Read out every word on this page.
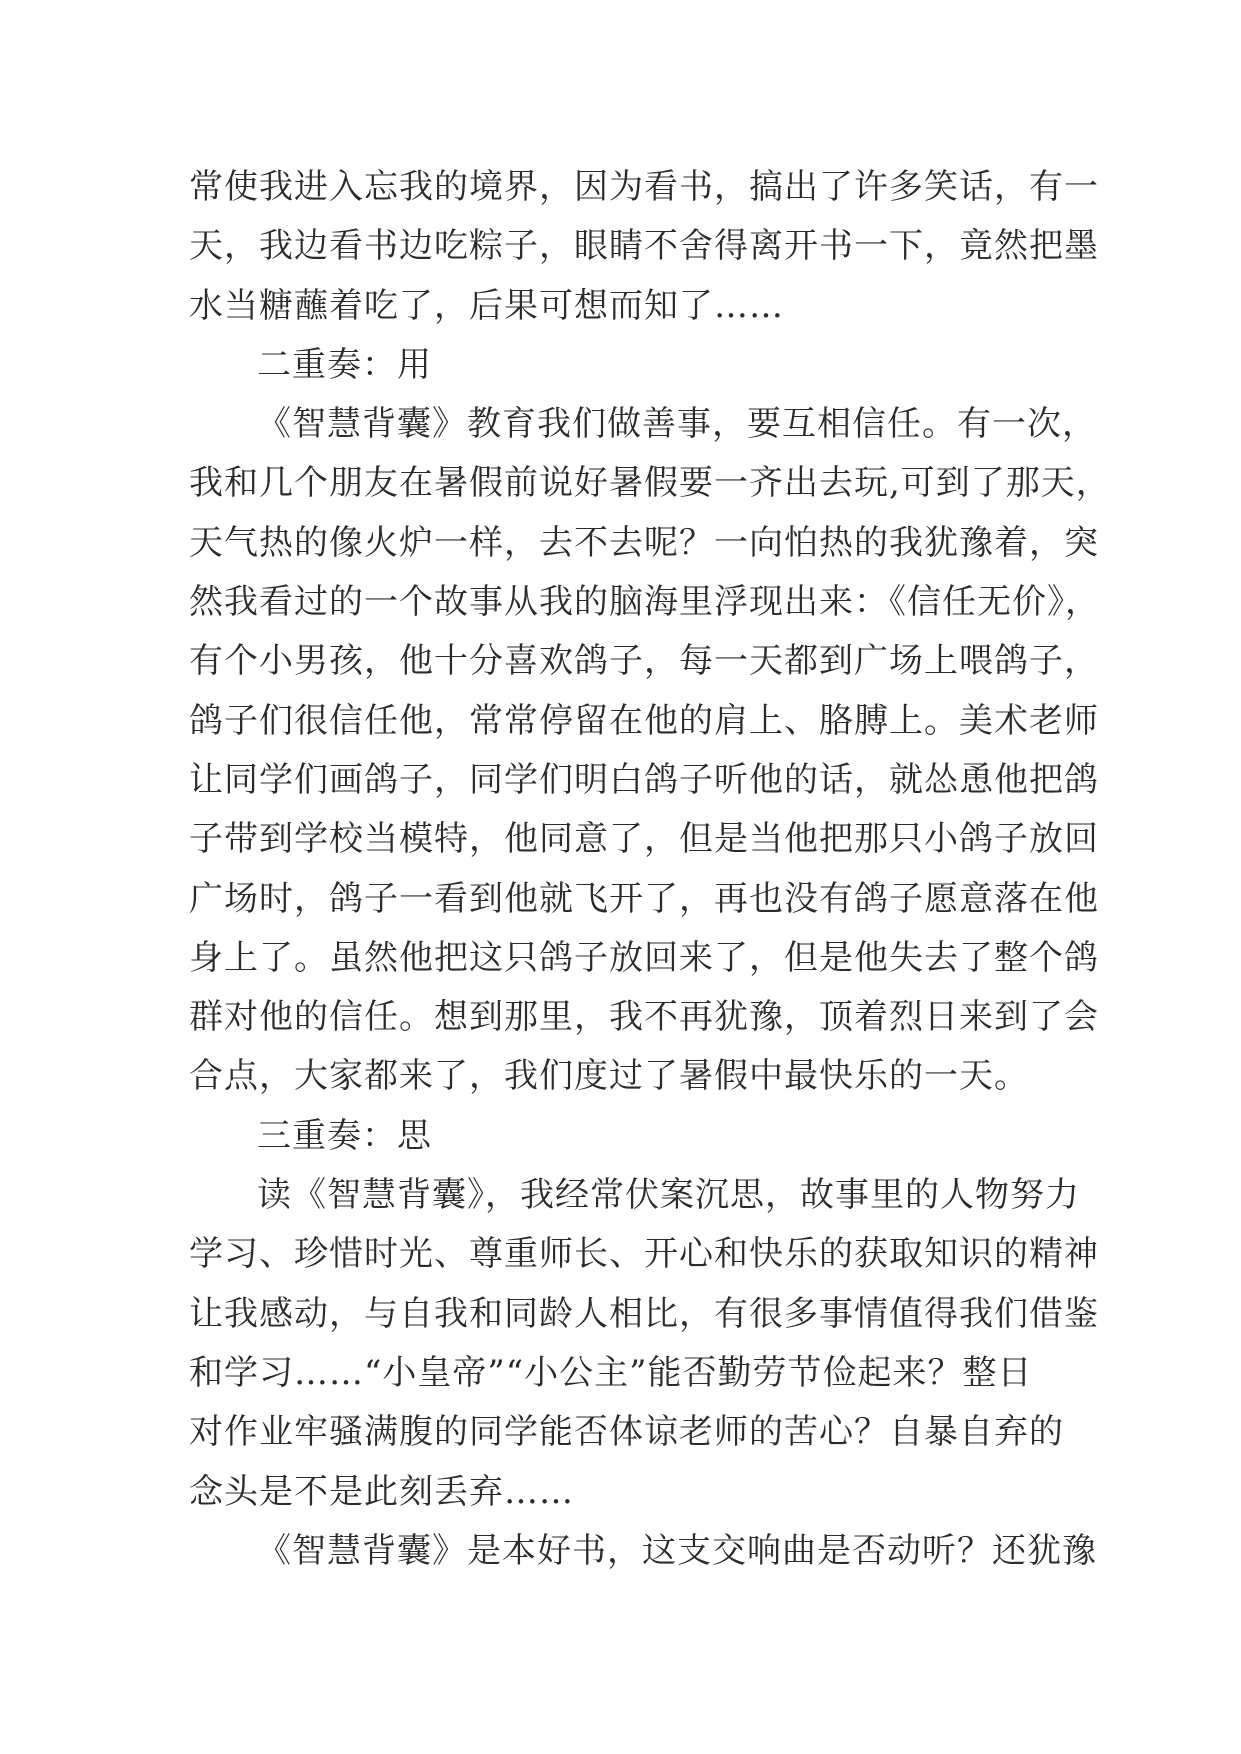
常使我进入忘我的境界，因为看书，搞出了许多笑话，有一
天，我边看书边吃粽子，眼睛不舍得离开书一下，竟然把墨
水当糖蘸着吃了，后果可想而知了……
二重奏：用
《智慧背囊》教育我们做善事，要互相信任。有一次，
我和几个朋友在暑假前说好暑假要一齐出去玩,可到了那天，
天气热的像火炉一样，去不去呢？一向怕热的我犹豫着，突
然我看过的一个故事从我的脑海里浮现出来：《信任无价》，
有个小男孩，他十分喜欢鸽子，每一天都到广场上喂鸽子，
鸽子们很信任他，常常停留在他的肩上、胳膊上。美术老师
让同学们画鸽子，同学们明白鸽子听他的话，就怂恿他把鸽
子带到学校当模特，他同意了，但是当他把那只小鸽子放回
广场时，鸽子一看到他就飞开了，再也没有鸽子愿意落在他
身上了。虽然他把这只鸽子放回来了，但是他失去了整个鸽
群对他的信任。想到那里，我不再犹豫，顶着烈日来到了会
合点，大家都来了，我们度过了暑假中最快乐的一天。
三重奏：思
读《智慧背囊》，我经常伏案沉思，故事里的人物努力
学习、珍惜时光、尊重师长、开心和快乐的获取知识的精神
让我感动，与自我和同龄人相比，有很多事情值得我们借鉴
和学习……“小皇帝”“小公主”能否勤劳节俭起来？整日
对作业牢骚满腹的同学能否体谅老师的苦心？自暴自弃的
念头是不是此刻丢弃……
《智慧背囊》是本好书，这支交响曲是否动听？还犹豫
